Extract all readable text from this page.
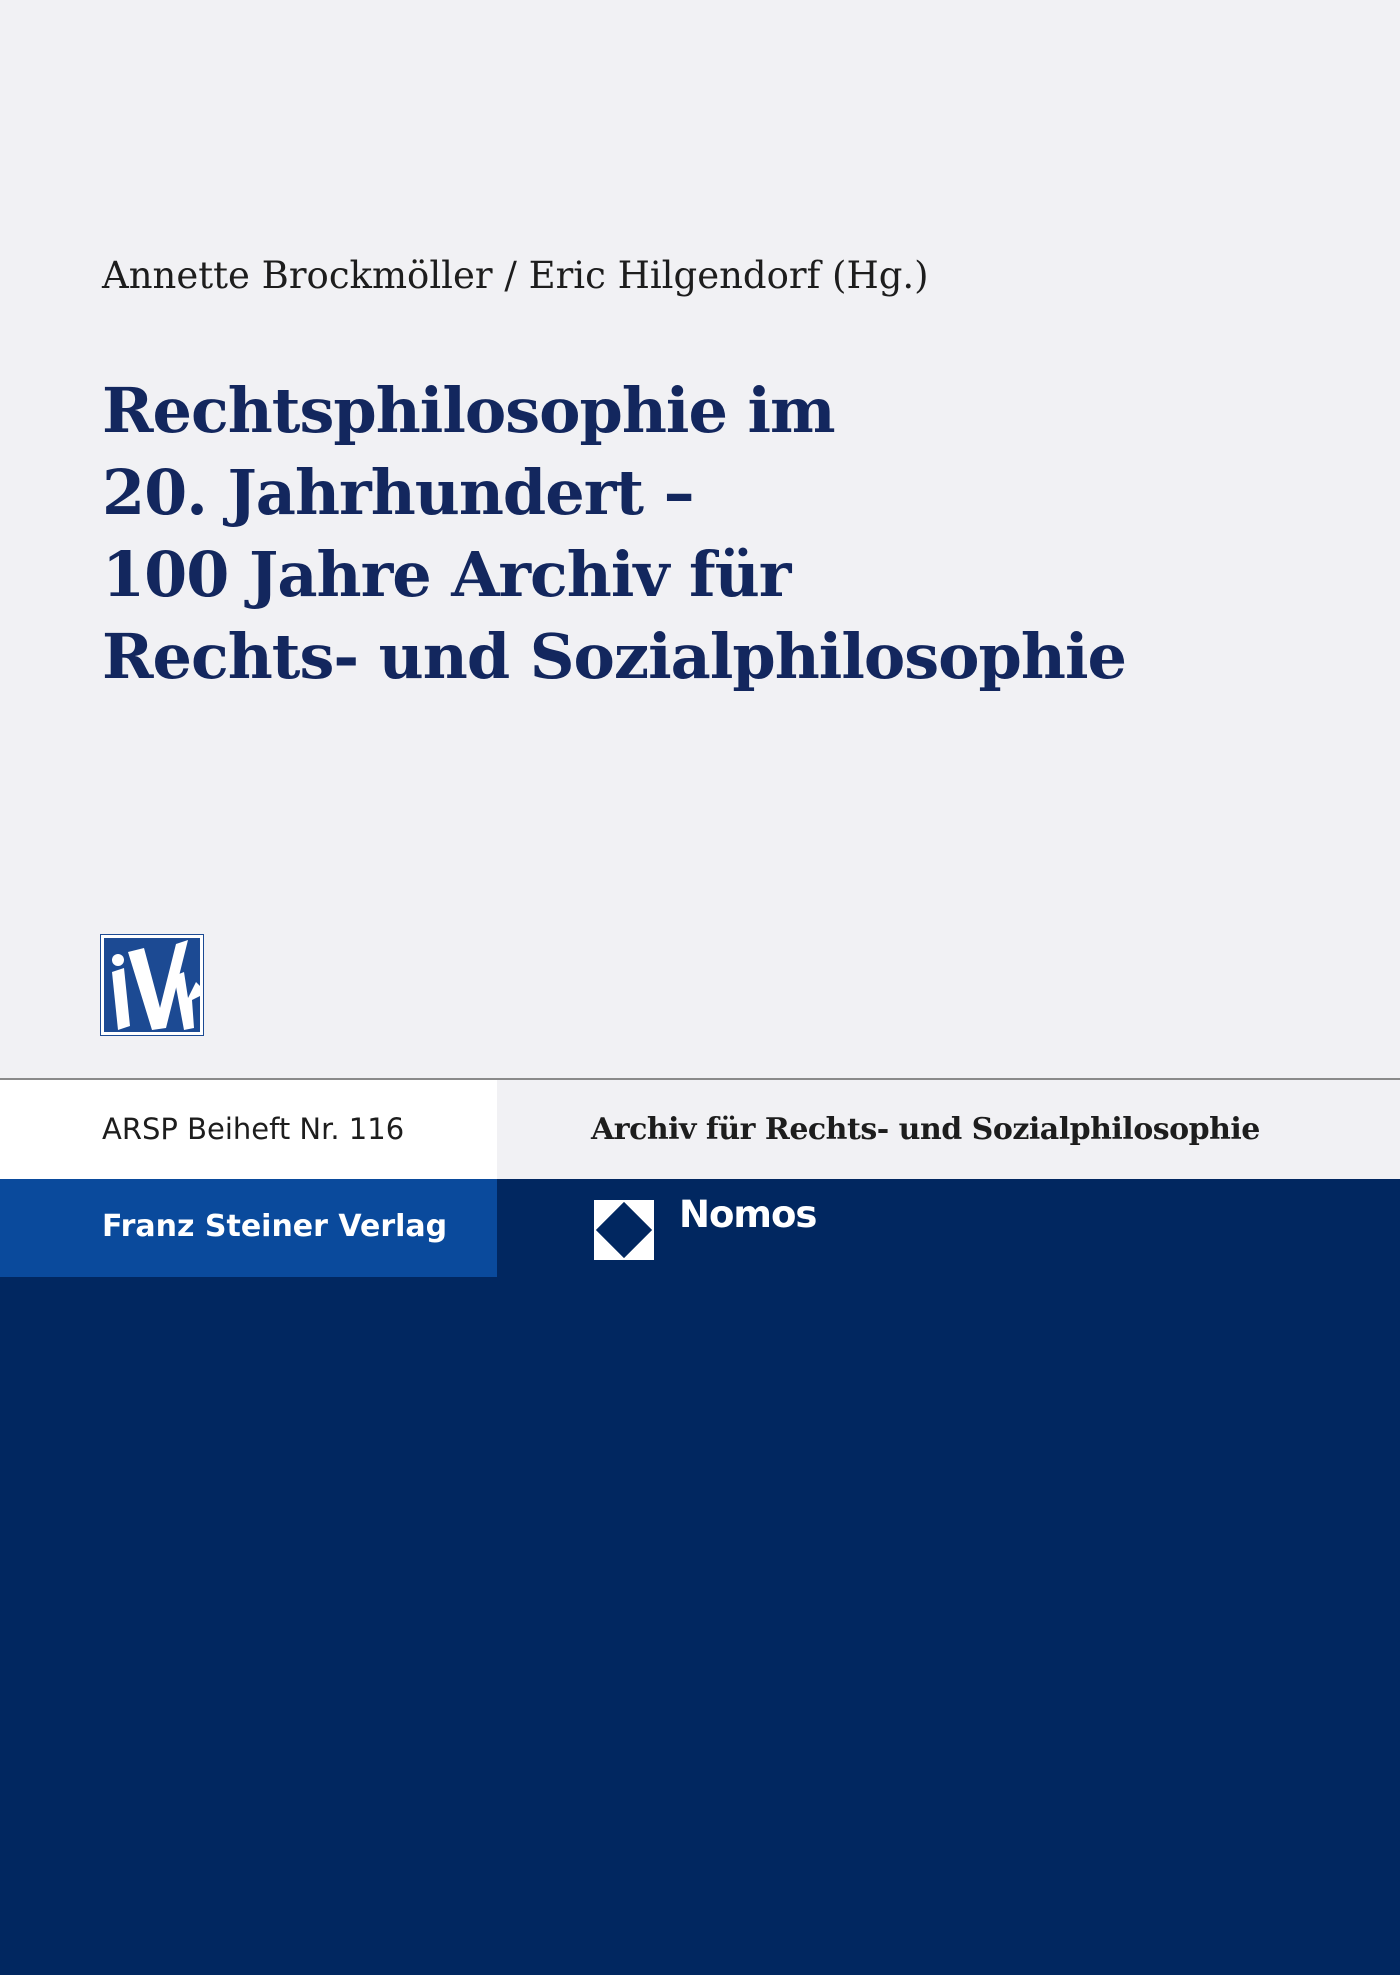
Annette Brockmöller / Eric Hilgendorf (Hg.)
Rechtsphilosophie im
20. Jahrhundert –
100 Jahre Archiv für
Rechts- und Sozialphilosophie
ARSP Beiheft Nr. 116	Archiv für Rechts- und Sozialphilosophie
Franz Steiner Verlag	Nomos
